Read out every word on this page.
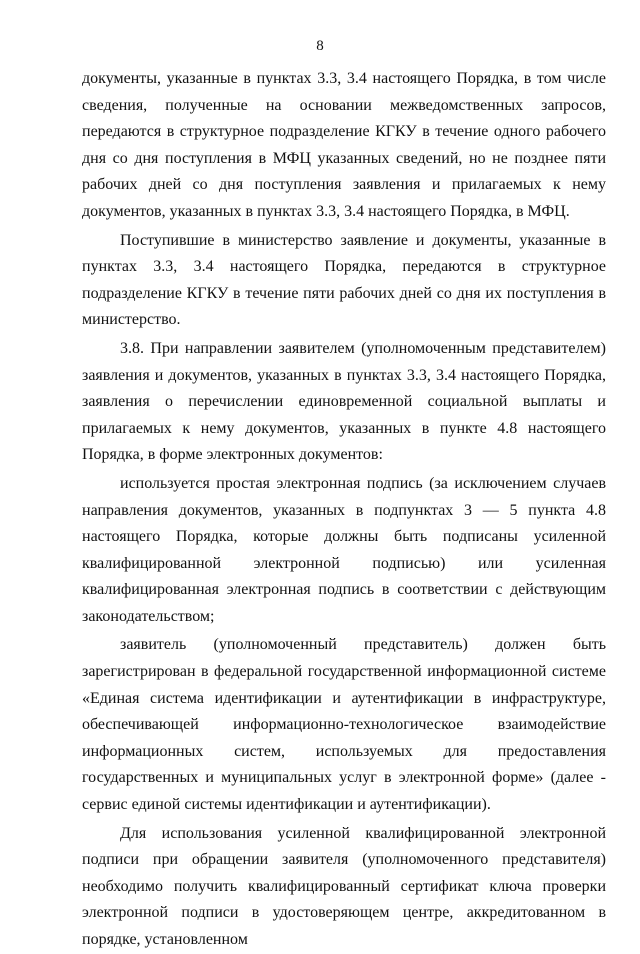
8

документы, указанные в пунктах 3.3, 3.4 настоящего Порядка, в том числе сведения, полученные на основании межведомственных запросов, передаются в структурное подразделение КГКУ в течение одного рабочего дня со дня поступления в МФЦ указанных сведений, но не позднее пяти рабочих дней со дня поступления заявления и прилагаемых к нему документов, указанных в пунктах 3.3, 3.4 настоящего Порядка, в МФЦ.

Поступившие в министерство заявление и документы, указанные в пунктах 3.3, 3.4 настоящего Порядка, передаются в структурное подразделение КГКУ в течение пяти рабочих дней со дня их поступления в министерство.

3.8. При направлении заявителем (уполномоченным представителем) заявления и документов, указанных в пунктах 3.3, 3.4 настоящего Порядка, заявления о перечислении единовременной социальной выплаты и прилагаемых к нему документов, указанных в пункте 4.8 настоящего Порядка, в форме электронных документов:

используется простая электронная подпись (за исключением случаев направления документов, указанных в подпунктах 3 — 5 пункта 4.8 настоящего Порядка, которые должны быть подписаны усиленной квалифицированной электронной подписью) или усиленная квалифицированная электронная подпись в соответствии с действующим законодательством;

заявитель (уполномоченный представитель) должен быть зарегистрирован в федеральной государственной информационной системе «Единая система идентификации и аутентификации в инфраструктуре, обеспечивающей информационно-технологическое взаимодействие информационных систем, используемых для предоставления государственных и муниципальных услуг в электронной форме» (далее - сервис единой системы идентификации и аутентификации).

Для использования усиленной квалифицированной электронной подписи при обращении заявителя (уполномоченного представителя) необходимо получить квалифицированный сертификат ключа проверки электронной подписи в удостоверяющем центре, аккредитованном в порядке, установленном
